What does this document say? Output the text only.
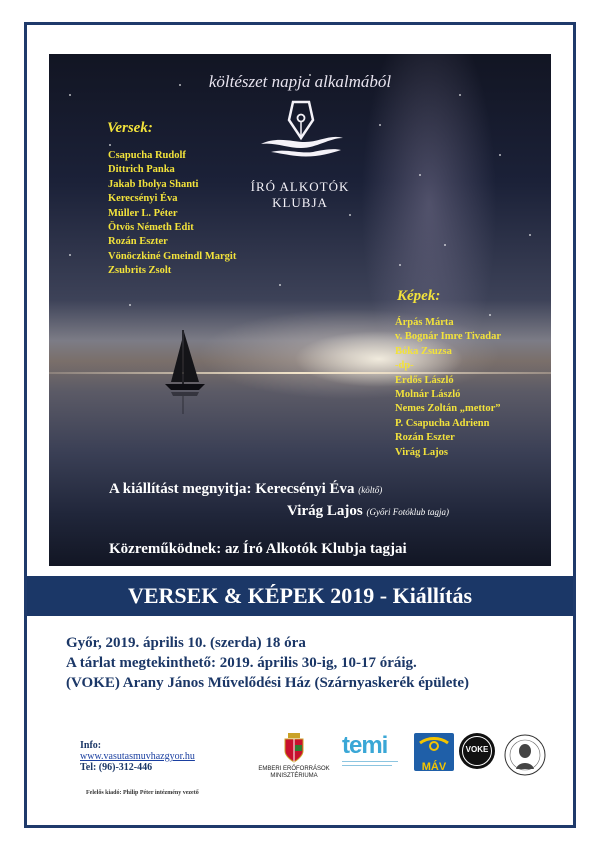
költészet napja alkalmából
ÍRÓ ALKOTÓK
KLUBJA
Versek:
Csapucha Rudolf
Dittrich Panka
Jakab Ibolya Shanti
Kerecsényi Éva
Müller L. Péter
Ötvös Németh Edit
Rozán Eszter
Vönöczkiné Gmeindl Margit
Zsubrits Zsolt
Képek:
Árpás Márta
v. Bognár Imre Tivadar
Bóka Zsuzsa
-dp-
Erdős László
Molnár László
Nemes Zoltán „mettor”
P. Csapucha Adrienn
Rozán Eszter
Virág Lajos
A kiállítást megnyitja: Kerecsényi Éva (költő)
Virág Lajos (Győri Fotóklub tagja)
Közreműködnek: az Író Alkotók Klubja tagjai
VERSEK & KÉPEK 2019 - Kiállítás
Győr, 2019. április 10. (szerda) 18 óra
A tárlat megtekinthető: 2019. április 30-ig, 10-17 óráig.
(VOKE) Arany János Művelődési Ház (Szárnyaskerék épülete)
Info:
www.vasutasmuvhazgyor.hu
Tel: (96)-312-446
Felelős kiadó: Philip Péter intézmény vezető
EMBERI ERŐFORRÁSOK MINISZTÉRIUMA
temi
MÁV
VOKE
